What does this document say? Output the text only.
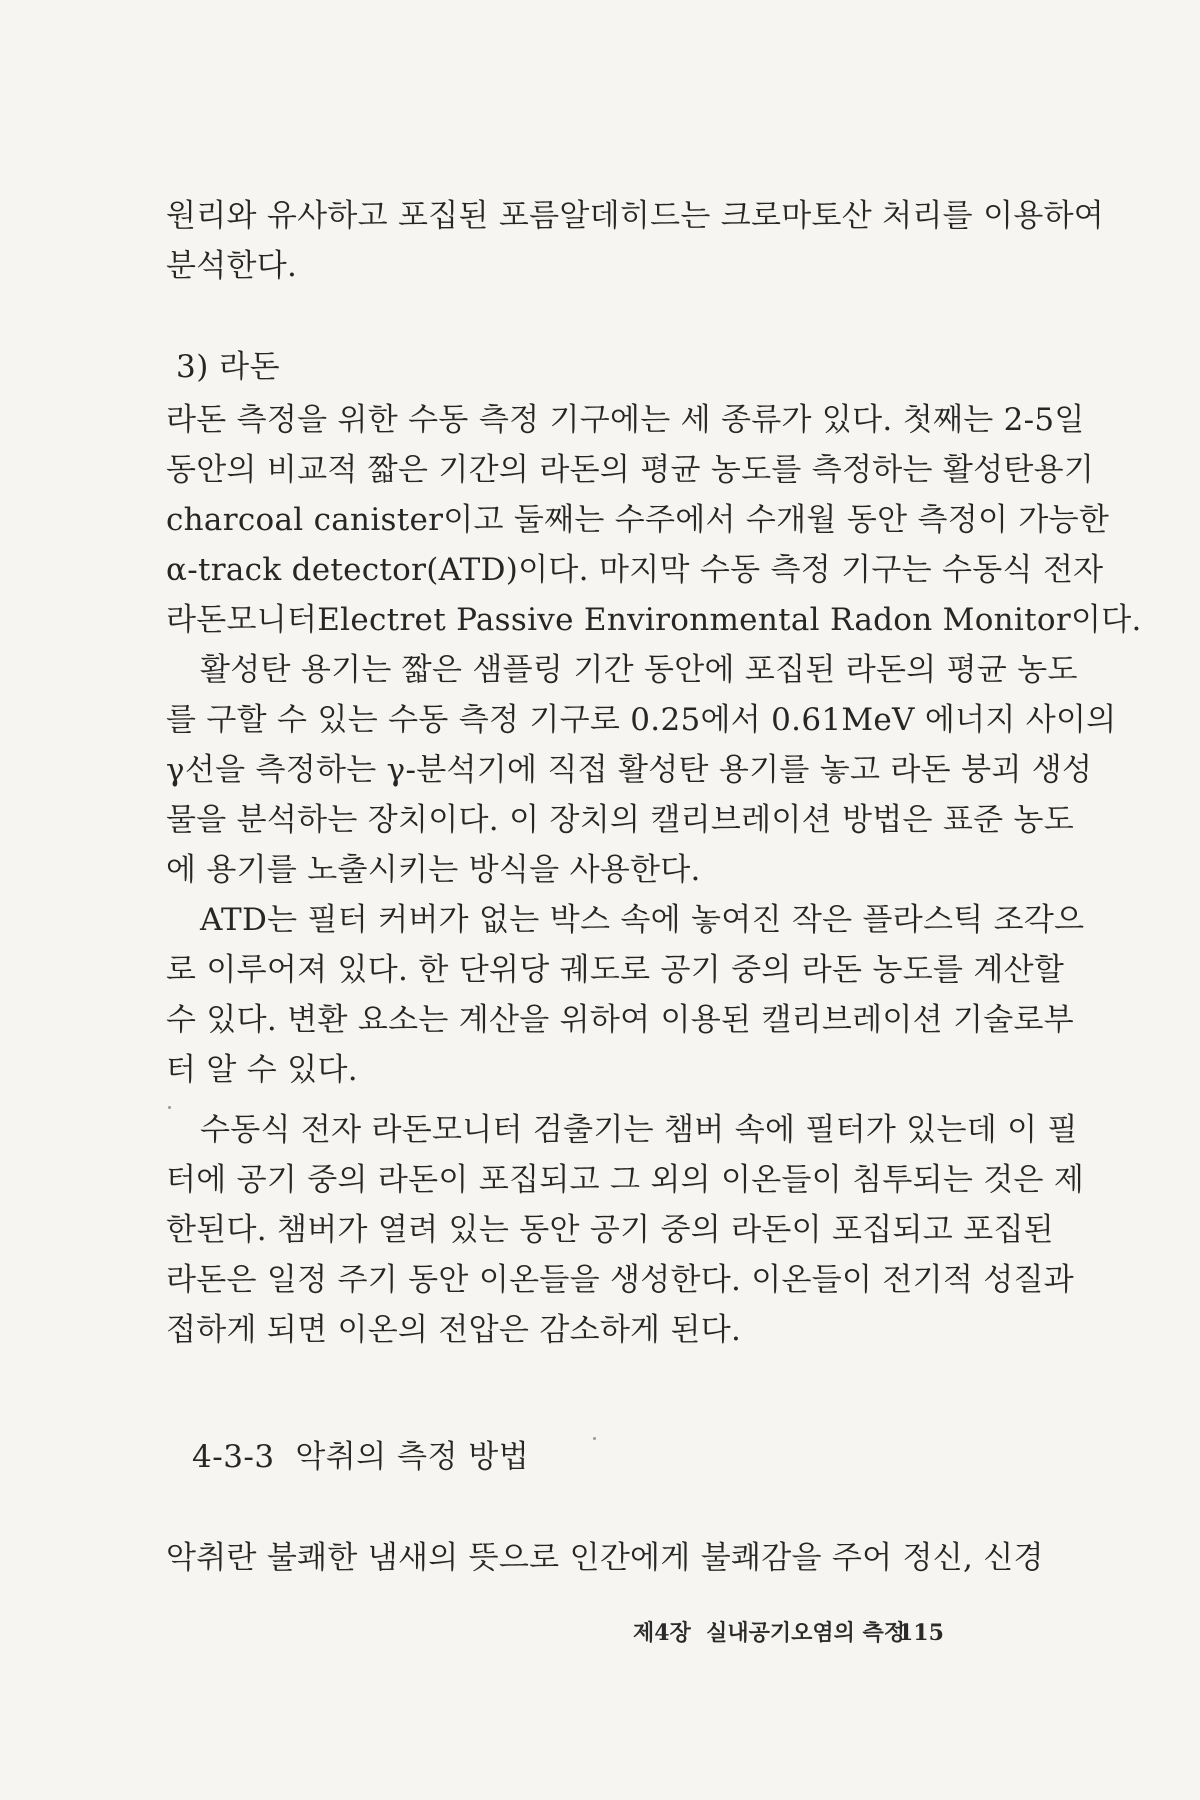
원리와 유사하고 포집된 포름알데히드는 크로마토산 처리를 이용하여
분석한다.
3) 라돈
라돈 측정을 위한 수동 측정 기구에는 세 종류가 있다. 첫째는 2-5일
동안의 비교적 짧은 기간의 라돈의 평균 농도를 측정하는 활성탄용기
charcoal canister이고 둘째는 수주에서 수개월 동안 측정이 가능한
α-track detector(ATD)이다. 마지막 수동 측정 기구는 수동식 전자
라돈모니터Electret Passive Environmental Radon Monitor이다.
활성탄 용기는 짧은 샘플링 기간 동안에 포집된 라돈의 평균 농도
를 구할 수 있는 수동 측정 기구로 0.25에서 0.61MeV 에너지 사이의
γ선을 측정하는 γ-분석기에 직접 활성탄 용기를 놓고 라돈 붕괴 생성
물을 분석하는 장치이다. 이 장치의 캘리브레이션 방법은 표준 농도
에 용기를 노출시키는 방식을 사용한다.
ATD는 필터 커버가 없는 박스 속에 놓여진 작은 플라스틱 조각으
로 이루어져 있다. 한 단위당 궤도로 공기 중의 라돈 농도를 계산할
수 있다. 변환 요소는 계산을 위하여 이용된 캘리브레이션 기술로부
터 알 수 있다.
수동식 전자 라돈모니터 검출기는 챔버 속에 필터가 있는데 이 필
터에 공기 중의 라돈이 포집되고 그 외의 이온들이 침투되는 것은 제
한된다. 챔버가 열려 있는 동안 공기 중의 라돈이 포집되고 포집된
라돈은 일정 주기 동안 이온들을 생성한다. 이온들이 전기적 성질과
접하게 되면 이온의 전압은 감소하게 된다.
4-3-3  악취의 측정 방법
악취란 불쾌한 냄새의 뜻으로 인간에게 불쾌감을 주어 정신, 신경
제4장  실내공기오염의 측정
115
